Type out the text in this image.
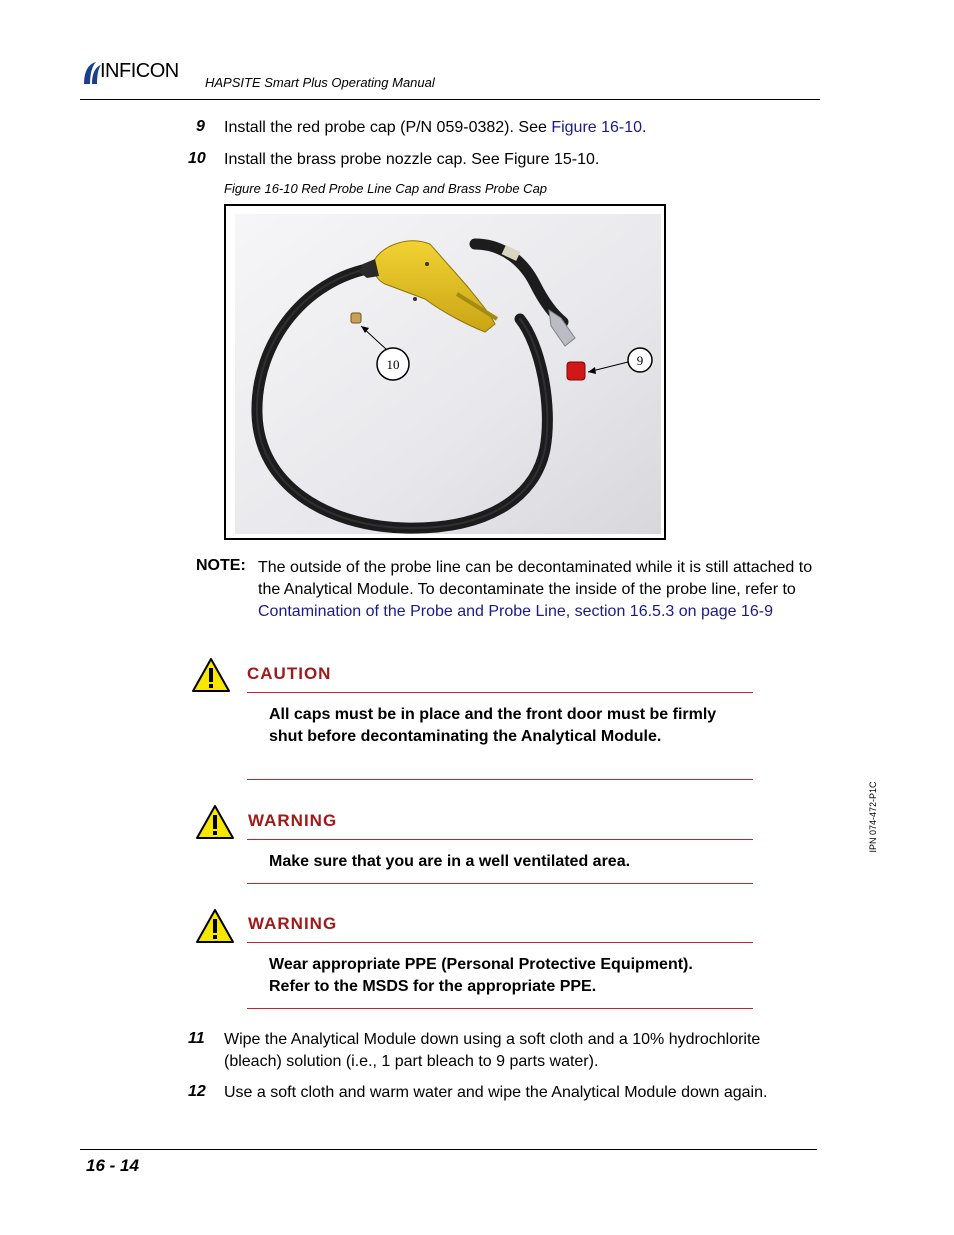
INFICON
HAPSITE Smart Plus Operating Manual
9 Install the red probe cap (P/N 059-0382). See Figure 16-10.
10 Install the brass probe nozzle cap. See Figure 15-10.
Figure 16-10 Red Probe Line Cap and Brass Probe Cap
10	9
NOTE: The outside of the probe line can be decontaminated while it is still attached to the Analytical Module. To decontaminate the inside of the probe line, refer to Contamination of the Probe and Probe Line, section 16.5.3 on page 16-9
CAUTION
All caps must be in place and the front door must be firmly shut before decontaminating the Analytical Module.
WARNING
Make sure that you are in a well ventilated area.
WARNING
Wear appropriate PPE (Personal Protective Equipment).
Refer to the MSDS for the appropriate PPE.
11 Wipe the Analytical Module down using a soft cloth and a 10% hydrochlorite (bleach) solution (i.e., 1 part bleach to 9 parts water).
12 Use a soft cloth and warm water and wipe the Analytical Module down again.
16 - 14
IPN 074-472-P1C
